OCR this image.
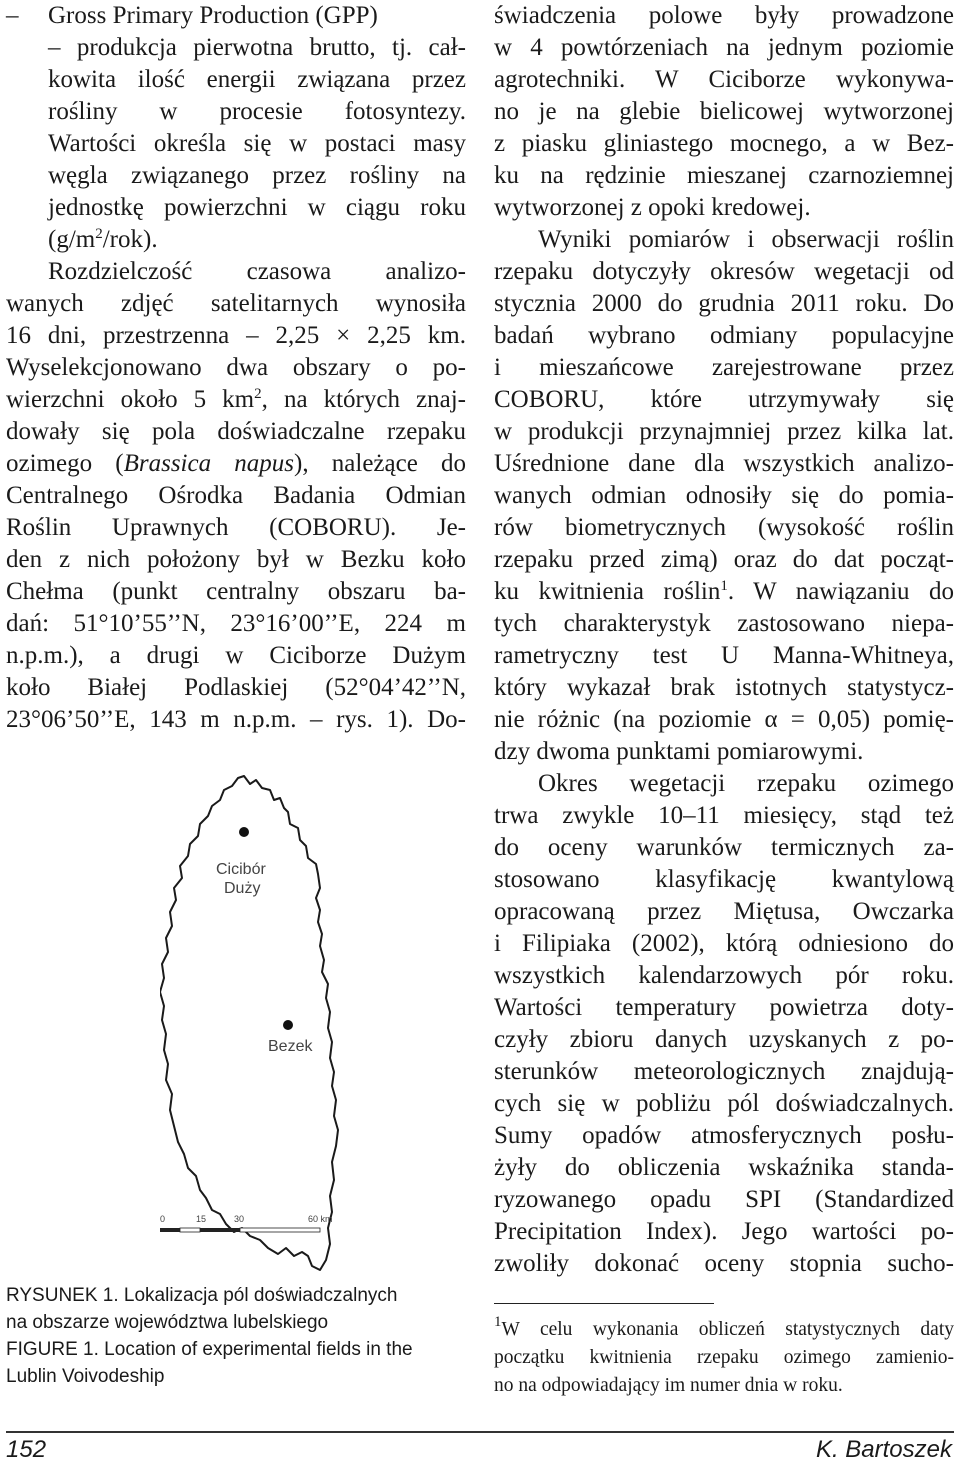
–	Gross Primary Production (GPP)
– produkcja pierwotna brutto, tj. cał-
kowita ilość energii związana przez
rośliny w procesie fotosyntezy.
Wartości określa się w postaci masy
węgla związanego przez rośliny na
jednostkę powierzchni w ciągu roku
$(g/m^2/rok)$.
Rozdzielczość czasowa analizo-
wanych zdjęć satelitarnych wynosiła
16 dni, przestrzenna – 2,25 × 2,25 km.
Wyselekcjonowano dwa obszary o po-
wierzchni około 5 $km^2$, na których znaj-
dowały się pola doświadczalne rzepaku
ozimego (Brassica napus), należące do
Centralnego Ośrodka Badania Odmian
Roślin Uprawnych (COBORU). Je-
den z nich położony był w Bezku koło
Chełma (punkt centralny obszaru ba-
dań: 51°10’55’’N, 23°16’00’’E, 224 m
n.p.m.), a drugi w Ciciborze Dużym
koło Białej Podlaskiej (52°04’42’’N,
23°06’50’’E, 143 m n.p.m. – rys. 1). Do-
Cicibór
Duży
Bezek
0	15	30	60 km
RYSUNEK 1. Lokalizacja pól doświadczalnych
na obszarze województwa lubelskiego
FIGURE 1. Location of experimental fields in the
Lublin Voivodeship
świadczenia polowe były prowadzone
w 4 powtórzeniach na jednym poziomie
agrotechniki. W Ciciborze wykonywa-
no je na glebie bielicowej wytworzonej
z piasku gliniastego mocnego, a w Bez-
ku na rędzinie mieszanej czarnoziemnej
wytworzonej z opoki kredowej.
Wyniki pomiarów i obserwacji roślin
rzepaku dotyczyły okresów wegetacji od
stycznia 2000 do grudnia 2011 roku. Do
badań wybrano odmiany populacyjne
i mieszańcowe zarejestrowane przez
COBORU, które utrzymywały się
w produkcji przynajmniej przez kilka lat.
Uśrednione dane dla wszystkich analizo-
wanych odmian odnosiły się do pomia-
rów biometrycznych (wysokość roślin
rzepaku przed zimą) oraz do dat począt-
ku kwitnienia roślin$^1$. W nawiązaniu do
tych charakterystyk zastosowano niepa-
rametryczny test U Manna-Whitneya,
który wykazał brak istotnych statystycz-
nie różnic (na poziomie α = 0,05) pomię-
dzy dwoma punktami pomiarowymi.
Okres wegetacji rzepaku ozimego
trwa zwykle 10–11 miesięcy, stąd też
do oceny warunków termicznych za-
stosowano klasyfikację kwantylową
opracowaną przez Miętusa, Owczarka
i Filipiaka (2002), którą odniesiono do
wszystkich kalendarzowych pór roku.
Wartości temperatury powietrza doty-
czyły zbioru danych uzyskanych z po-
sterunków meteorologicznych znajdują-
cych się w pobliżu pól doświadczalnych.
Sumy opadów atmosferycznych posłu-
żyły do obliczenia wskaźnika standa-
ryzowanego opadu SPI (Standardized
Precipitation Index). Jego wartości po-
zwoliły dokonać oceny stopnia sucho-
$^1$W celu wykonania obliczeń statystycznych daty
początku kwitnienia rzepaku ozimego zamienio-
no na odpowiadający im numer dnia w roku.
152	K. Bartoszek
